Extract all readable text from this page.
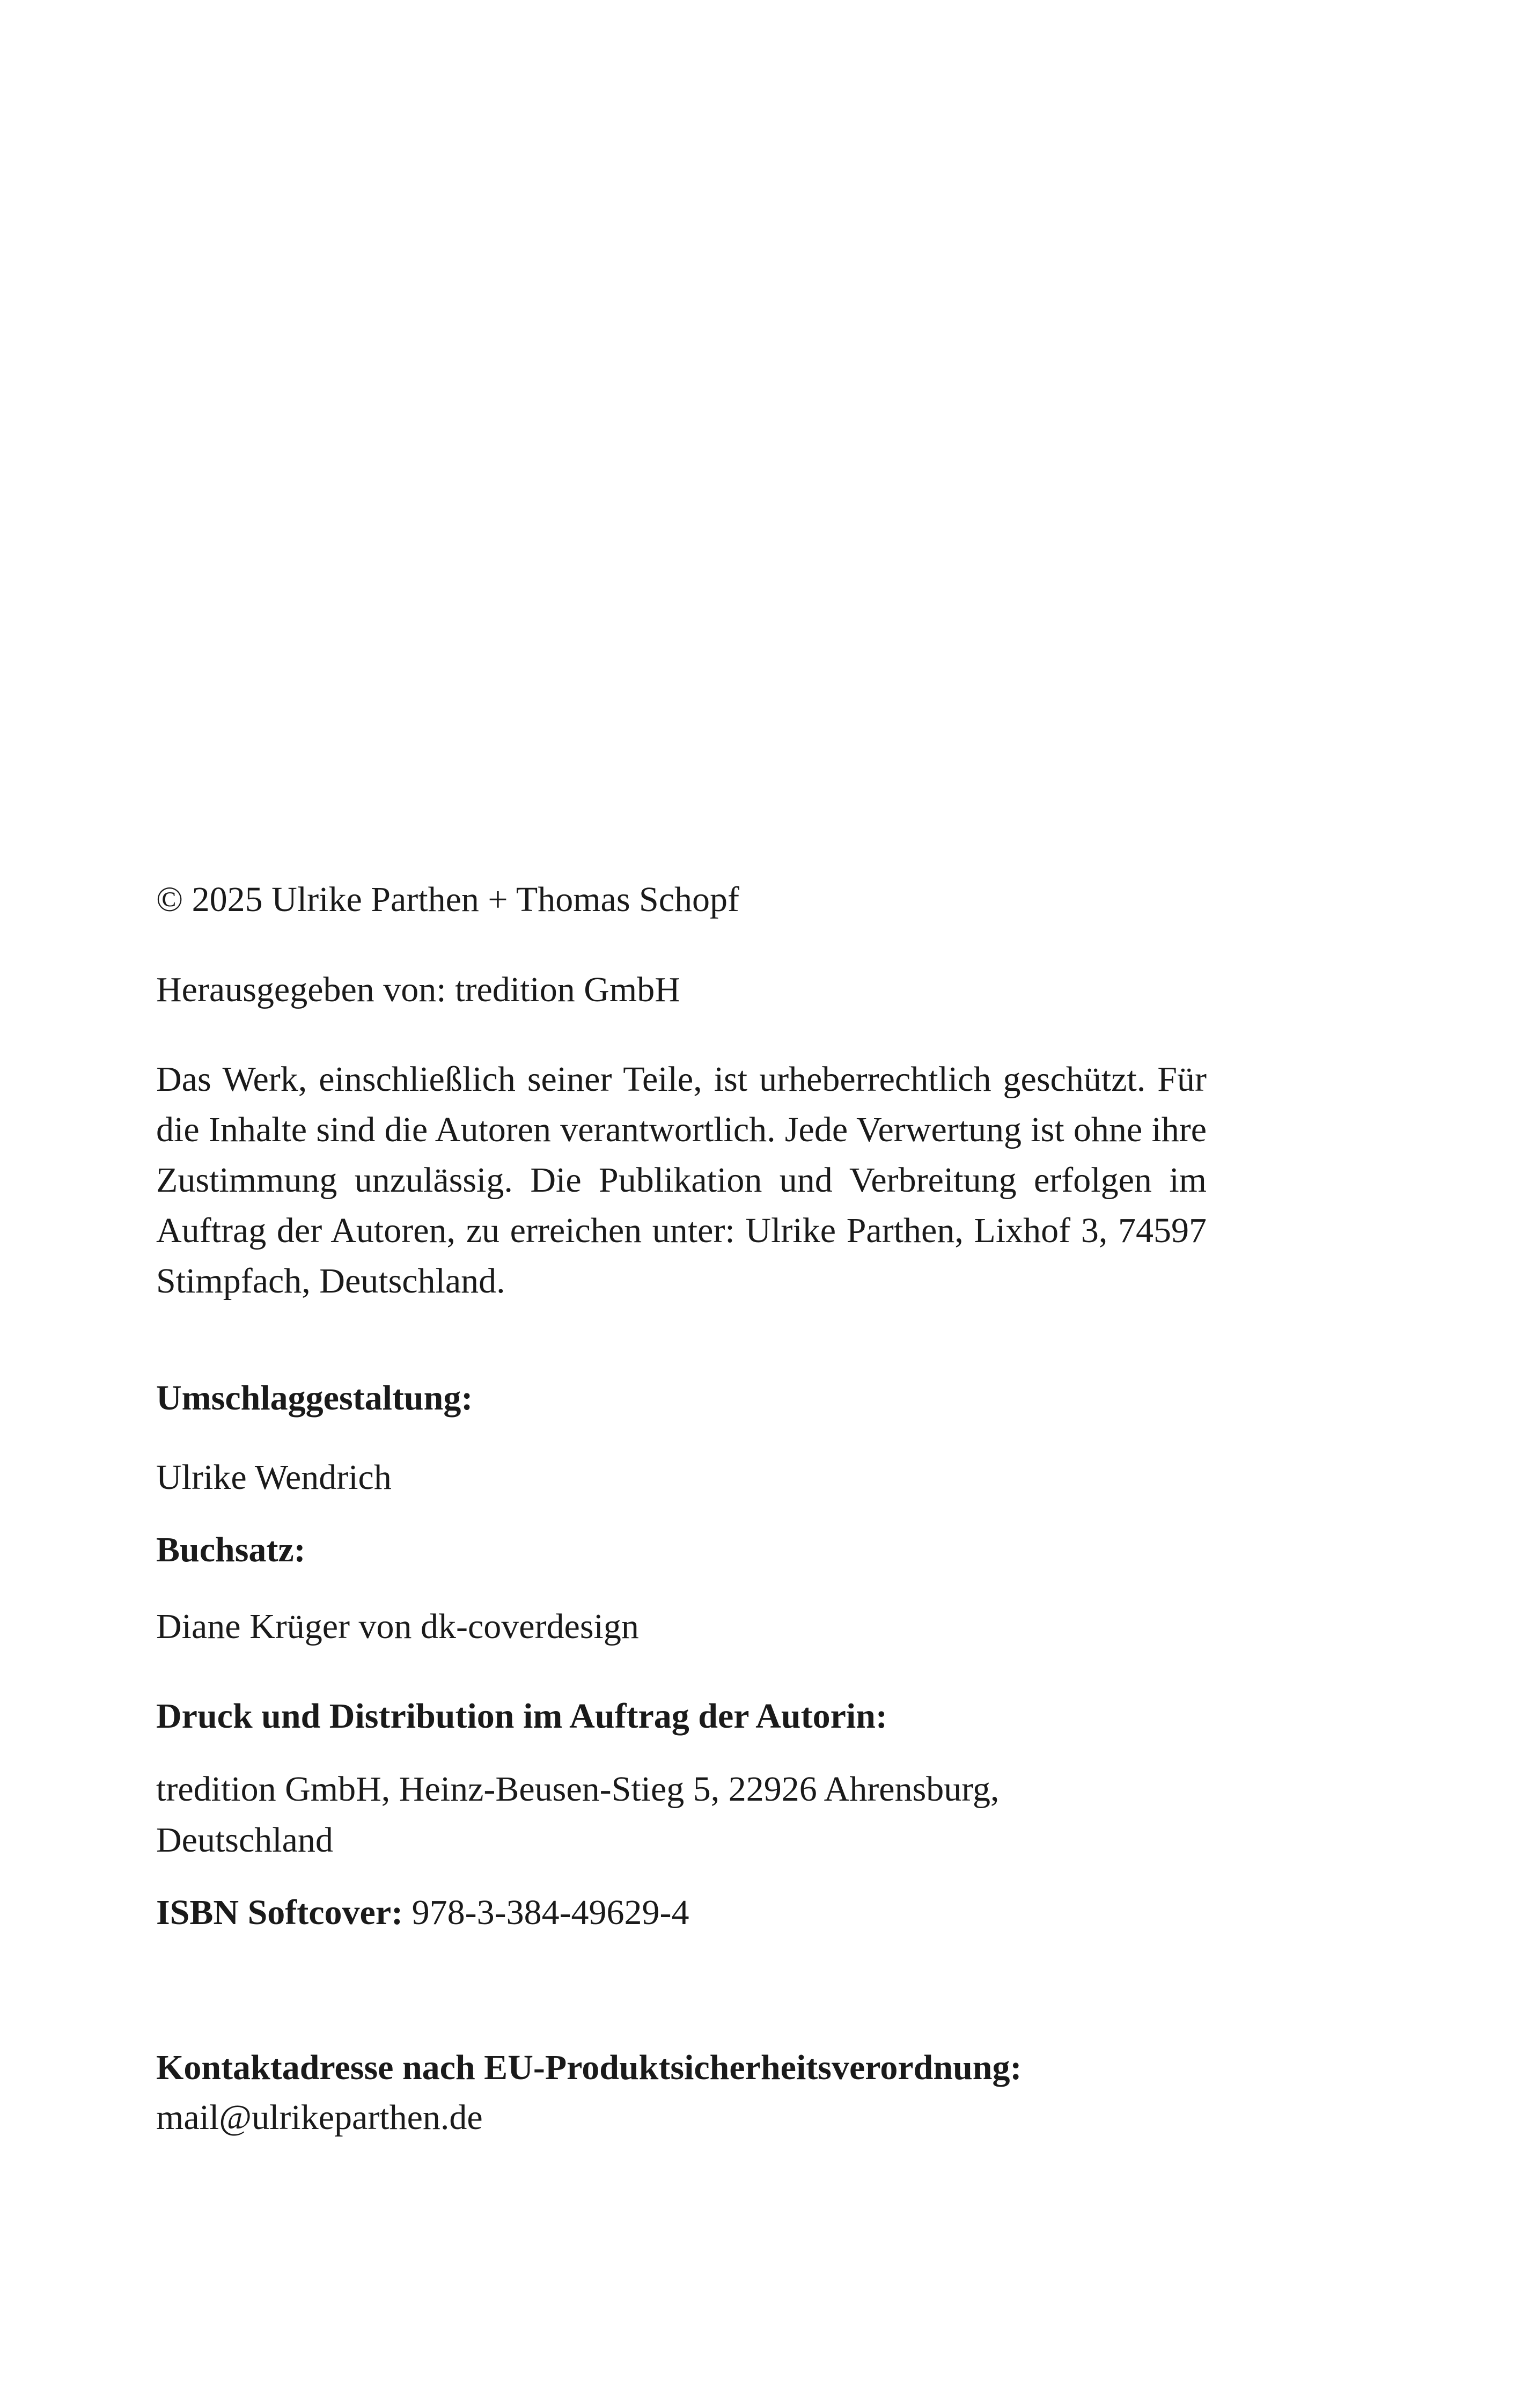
© 2025 Ulrike Parthen + Thomas Schopf
Herausgegeben von: tredition GmbH
Das Werk, einschließlich seiner Teile, ist urheberrechtlich geschützt. Für die Inhalte sind die Autoren verantwortlich. Jede Verwertung ist ohne ihre Zustimmung unzulässig. Die Publikation und Verbreitung erfolgen im Auftrag der Autoren, zu erreichen unter: Ulrike Parthen, Lixhof 3, 74597 Stimpfach, Deutschland.
Umschlaggestaltung:
Ulrike Wendrich
Buchsatz:
Diane Krüger von dk-coverdesign
Druck und Distribution im Auftrag der Autorin:
tredition GmbH, Heinz-Beusen-Stieg 5, 22926 Ahrensburg,
Deutschland
ISBN Softcover: 978-3-384-49629-4
Kontaktadresse nach EU-Produktsicherheitsverordnung:
mail@ulrikeparthen.de
